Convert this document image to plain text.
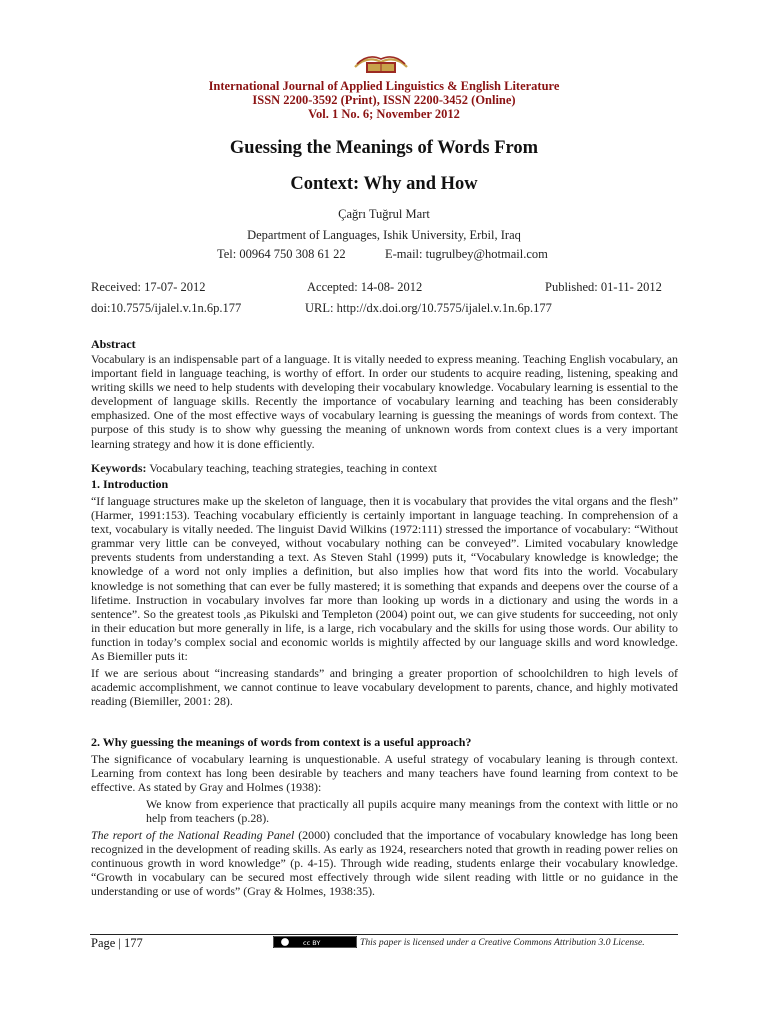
International Journal of Applied Linguistics & English Literature
ISSN 2200-3592 (Print), ISSN 2200-3452 (Online)
Vol. 1 No. 6; November 2012
Guessing the Meanings of Words From
Context: Why and How
Çağrı Tuğrul Mart
Department of Languages, Ishik University, Erbil, Iraq
Tel: 00964 750 308 61 22	E-mail: tugrulbey@hotmail.com
Received: 17-07- 2012	Accepted: 14-08- 2012	Published: 01-11- 2012
doi:10.7575/ijalel.v.1n.6p.177	URL: http://dx.doi.org/10.7575/ijalel.v.1n.6p.177
Abstract

Vocabulary is an indispensable part of a language. It is vitally needed to express meaning. Teaching English vocabulary, an important field in language teaching, is worthy of effort. In order our students to acquire reading, listening, speaking and writing skills we need to help students with developing their vocabulary knowledge. Vocabulary learning is essential to the development of language skills. Recently the importance of vocabulary learning and teaching has been considerably emphasized. One of the most effective ways of vocabulary learning is guessing the meanings of words from context. The purpose of this study is to show why guessing the meaning of unknown words from context clues is a very important learning strategy and how it is done efficiently.

Keywords: Vocabulary teaching, teaching strategies, teaching in context
1. Introduction

“If language structures make up the skeleton of language, then it is vocabulary that provides the vital organs and the flesh” (Harmer, 1991:153). Teaching vocabulary efficiently is certainly important in language teaching. In comprehension of a text, vocabulary is vitally needed. The linguist David Wilkins (1972:111) stressed the importance of vocabulary: “Without grammar very little can be conveyed, without vocabulary nothing can be conveyed”. Limited vocabulary knowledge prevents students from understanding a text. As Steven Stahl (1999) puts it, “Vocabulary knowledge is knowledge; the knowledge of a word not only implies a definition, but also implies how that word fits into the world. Vocabulary knowledge is not something that can ever be fully mastered; it is something that expands and deepens over the course of a lifetime. Instruction in vocabulary involves far more than looking up words in a dictionary and using the words in a sentence”. So the greatest tools ,as Pikulski and Templeton (2004) point out, we can give students for succeeding, not only in their education but more generally in life, is a large, rich vocabulary and the skills for using those words. Our ability to function in today’s complex social and economic worlds is mightily affected by our language skills and word knowledge. As Biemiller puts it:

If we are serious about “increasing standards” and bringing a greater proportion of schoolchildren to high levels of academic accomplishment, we cannot continue to leave vocabulary development to parents, chance, and highly motivated reading (Biemiller, 2001: 28).

2. Why guessing the meanings of words from context is a useful approach?

The significance of vocabulary learning is unquestionable. A useful strategy of vocabulary leaning is through context. Learning from context has long been desirable by teachers and many teachers have found learning from context to be effective. As stated by Gray and Holmes (1938):

We know from experience that practically all pupils acquire many meanings from the context with little or no help from teachers (p.28).

The report of the National Reading Panel (2000) concluded that the importance of vocabulary knowledge has long been recognized in the development of reading skills. As early as 1924, researchers noted that growth in reading power relies on continuous growth in word knowledge” (p. 4-15). Through wide reading, students enlarge their vocabulary knowledge. “Growth in vocabulary can be secured most effectively through wide silent reading with little or no guidance in the understanding or use of words” (Gray & Holmes, 1938:35).

Page | 177	cc BY	This paper is licensed under a Creative Commons Attribution 3.0 License.
